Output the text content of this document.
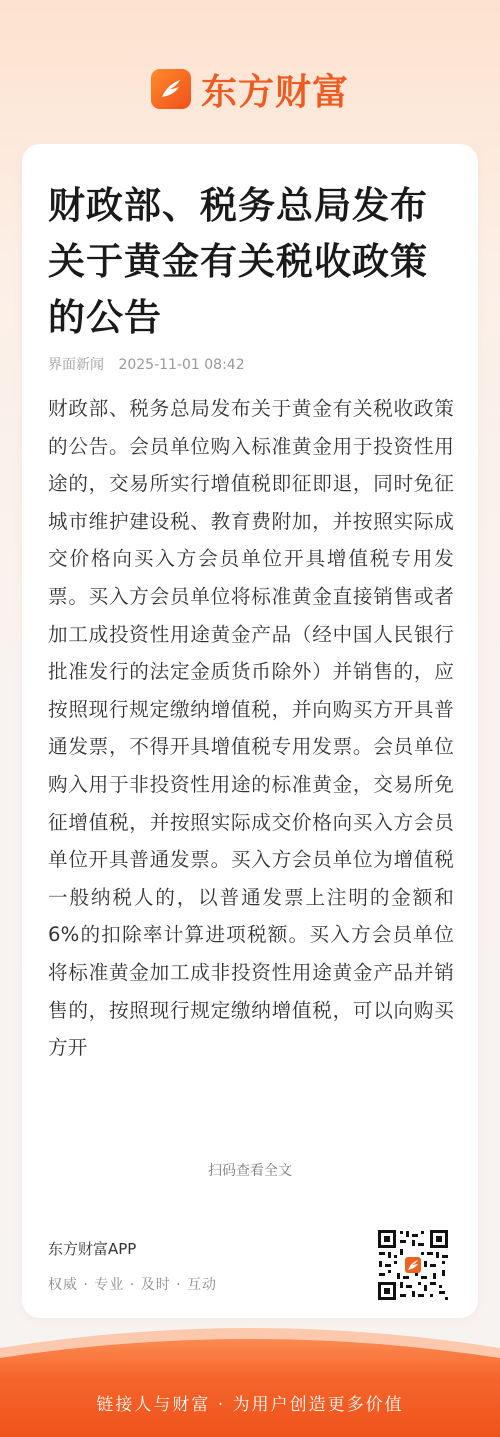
东方财富
财政部、税务总局发布关于黄金有关税收政策的公告
界面新闻 2025-11-01 08:42

财政部、税务总局发布关于黄金有关税收政策的公告。会员单位购入标准黄金用于投资性用途的，交易所实行增值税即征即退，同时免征城市维护建设税、教育费附加，并按照实际成交价格向买入方会员单位开具增值税专用发票。买入方会员单位将标准黄金直接销售或者加工成投资性用途黄金产品（经中国人民银行批准发行的法定金质货币除外）并销售的，应按照现行规定缴纳增值税，并向购买方开具普通发票，不得开具增值税专用发票。会员单位购入用于非投资性用途的标准黄金，交易所免征增值税，并按照实际成交价格向买入方会员单位开具普通发票。买入方会员单位为增值税一般纳税人的，以普通发票上注明的金额和6%的扣除率计算进项税额。买入方会员单位将标准黄金加工成非投资性用途黄金产品并销售的，按照现行规定缴纳增值税，可以向购买方开

扫码查看全文
东方财富APP
权威 · 专业 · 及时 · 互动
链接人与财富 · 为用户创造更多价值
